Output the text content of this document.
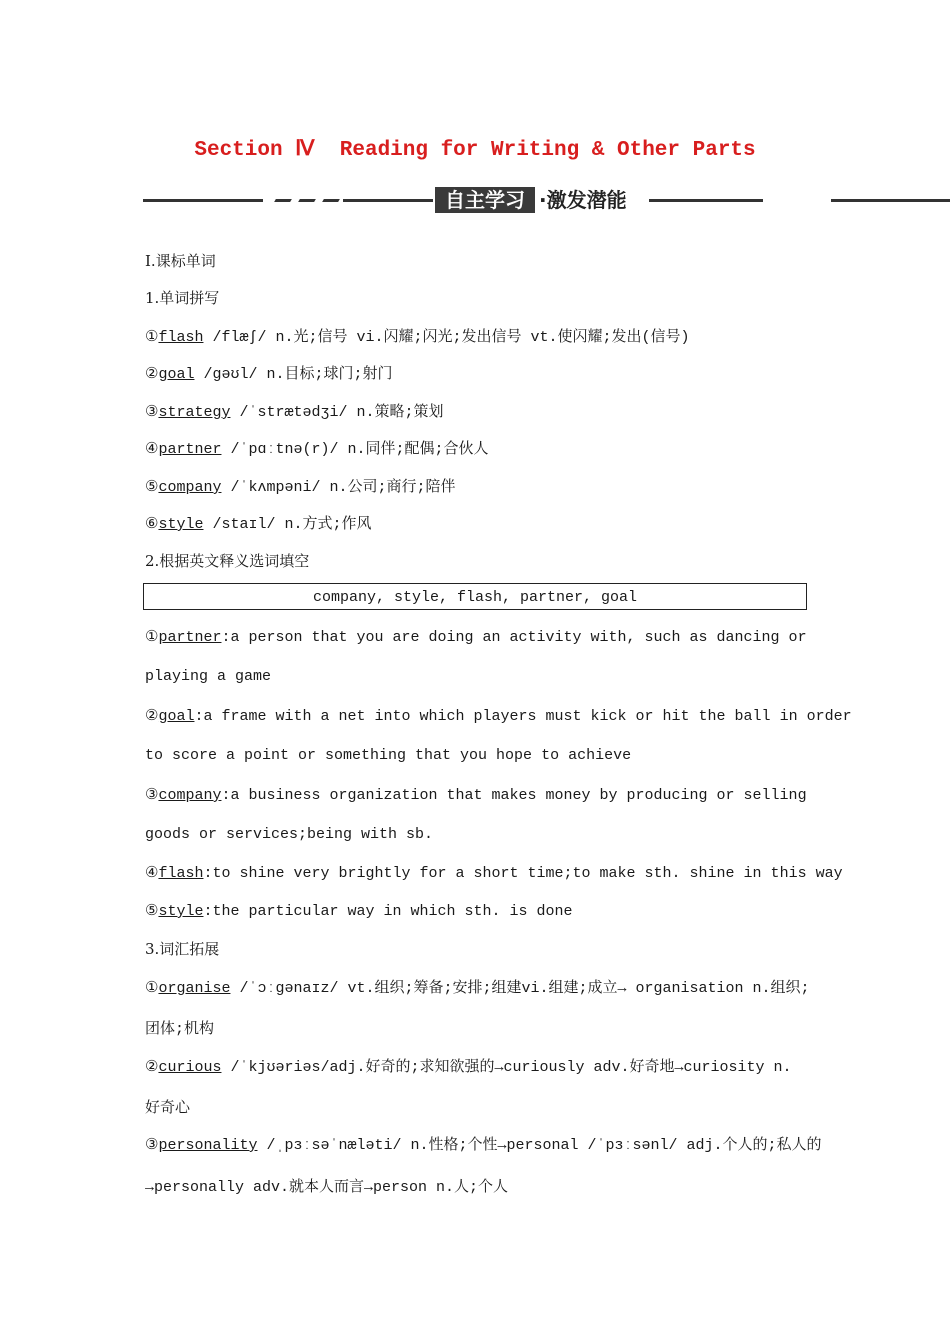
Section Ⅳ  Reading for Writing & Other Parts
自主学习 ·激发潜能
Ⅰ.课标单词
1.单词拼写
①flash /flæʃ/ n.光;信号 vi.闪耀;闪光;发出信号 vt.使闪耀;发出(信号)
②goal /ɡəʊl/ n.目标;球门;射门
③strategy /ˈstrætədʒi/ n.策略;策划
④partner /ˈpɑːtnə(r)/ n.同伴;配偶;合伙人
⑤company /ˈkʌmpəni/ n.公司;商行;陪伴
⑥style /staɪl/ n.方式;作风
2.根据英文释义选词填空
company, style, flash, partner, goal
①partner:a person that you are doing an activity with, such as dancing or
playing a game
②goal:a frame with a net into which players must kick or hit the ball in order
to score a point or something that you hope to achieve
③company:a business organization that makes money by producing or selling
goods or services;being with sb.
④flash:to shine very brightly for a short time;to make sth. shine in this way
⑤style:the particular way in which sth. is done
3.词汇拓展
①organise /ˈɔːɡənaɪz/ vt.组织;筹备;安排;组建vi.组建;成立→ organisation n.组织;
团体;机构
②curious /ˈkjʊəriəs/adj.好奇的;求知欲强的→curiously adv.好奇地→curiosity n.
好奇心
③personality /ˌpɜːsəˈnæləti/ n.性格;个性→personal /ˈpɜːsənl/ adj.个人的;私人的
→personally adv.就本人而言→person n.人;个人
